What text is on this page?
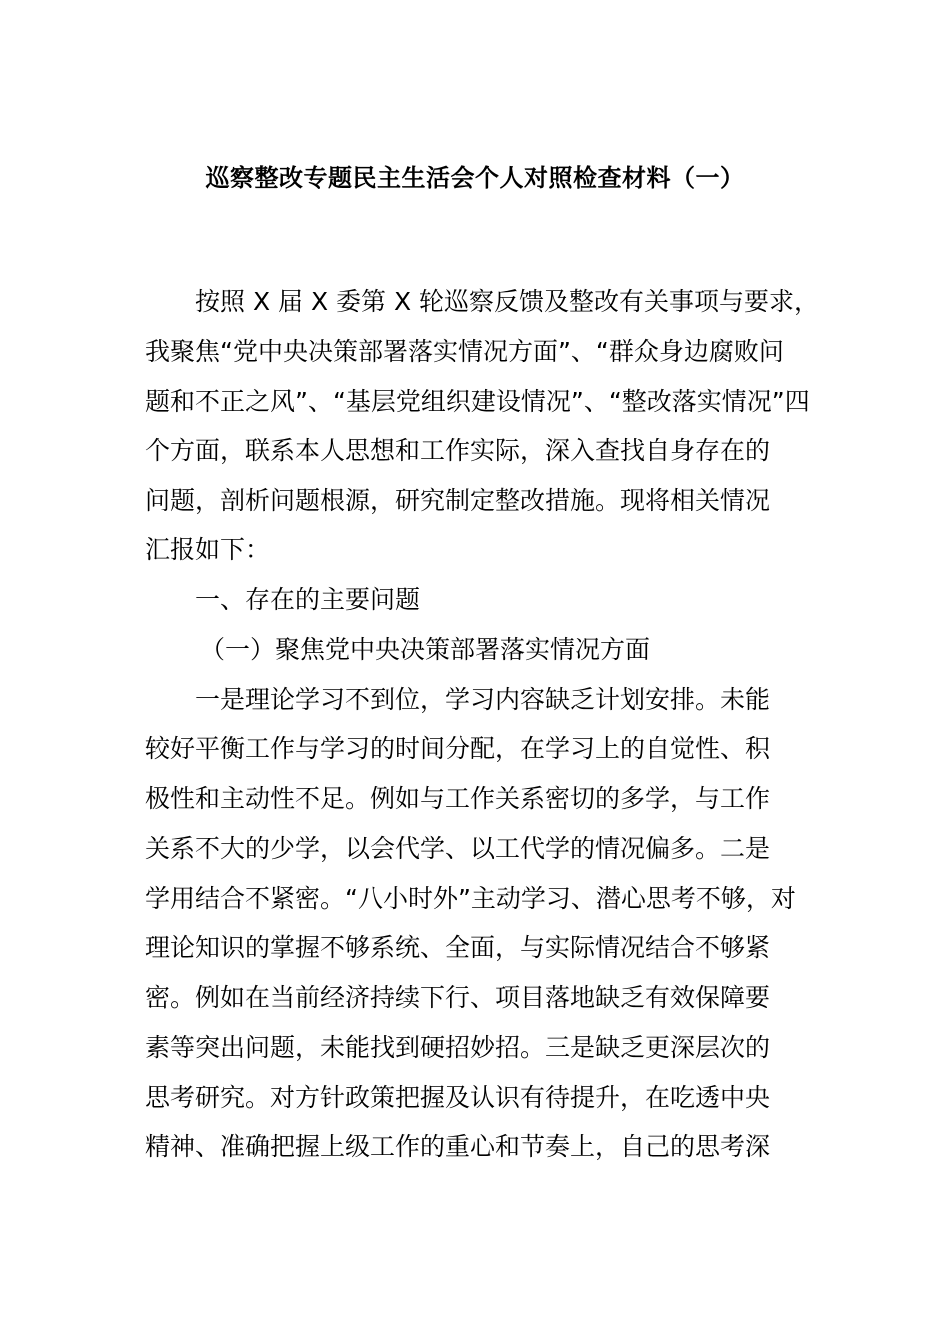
巡察整改专题民主生活会个人对照检查材料（一）

按照 X 届 X 委第 X 轮巡察反馈及整改有关事项与要求，

我聚焦“党中央决策部署落实情况方面”、“群众身边腐败问

题和不正之风”、“基层党组织建设情况”、“整改落实情况”四

个方面，联系本人思想和工作实际，深入查找自身存在的

问题，剖析问题根源，研究制定整改措施。现将相关情况

汇报如下：

一、存在的主要问题

（一）聚焦党中央决策部署落实情况方面

一是理论学习不到位，学习内容缺乏计划安排。未能

较好平衡工作与学习的时间分配，在学习上的自觉性、积

极性和主动性不足。例如与工作关系密切的多学，与工作

关系不大的少学，以会代学、以工代学的情况偏多。二是

学用结合不紧密。“八小时外”主动学习、潜心思考不够，对

理论知识的掌握不够系统、全面，与实际情况结合不够紧

密。例如在当前经济持续下行、项目落地缺乏有效保障要

素等突出问题，未能找到硬招妙招。三是缺乏更深层次的

思考研究。对方针政策把握及认识有待提升，在吃透中央

精神、准确把握上级工作的重心和节奏上，自己的思考深
